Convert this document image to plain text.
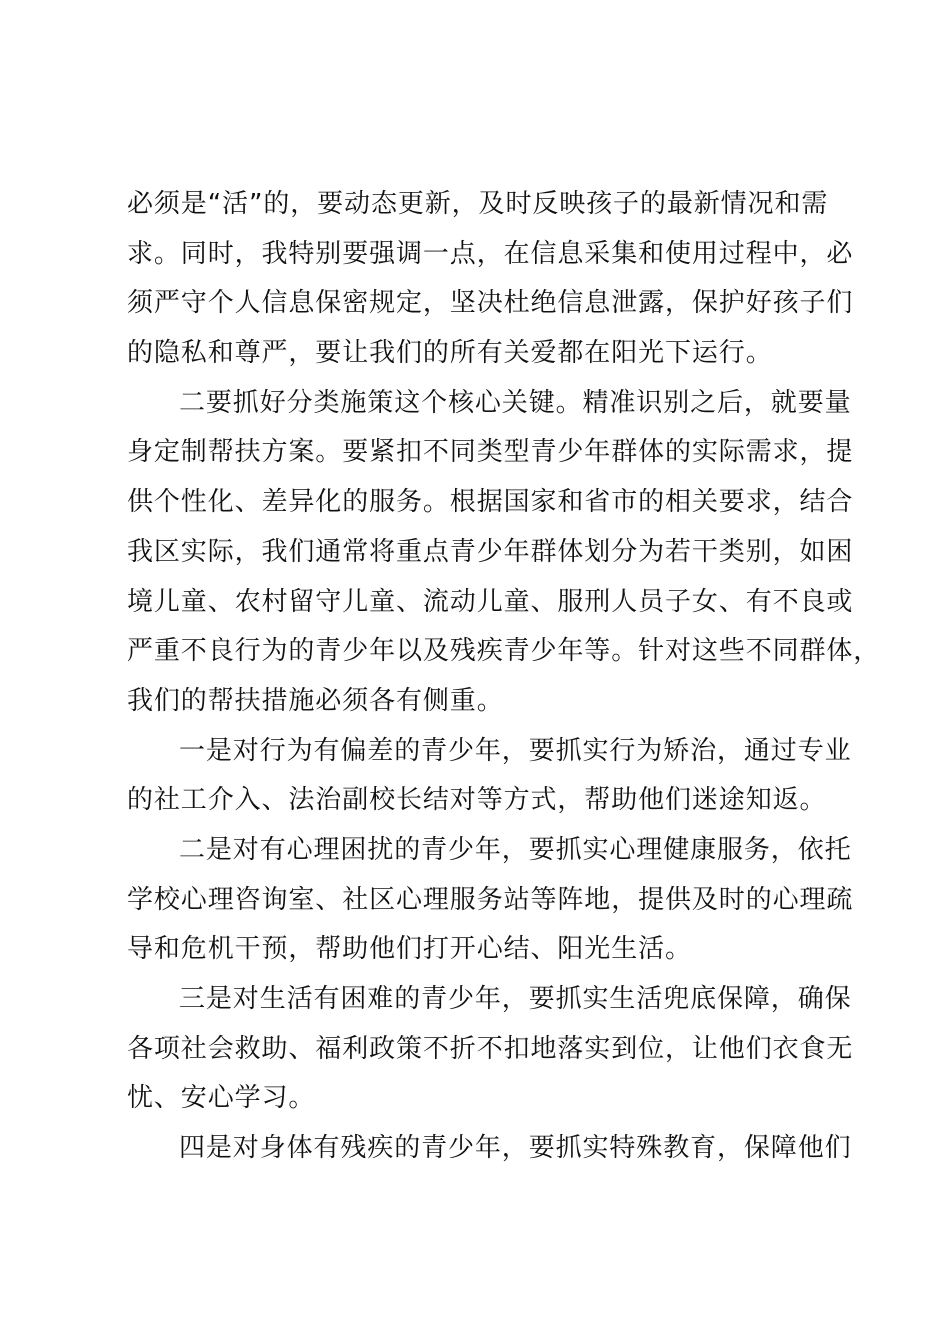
必须是“活”的，要动态更新，及时反映孩子的最新情况和需
求。同时，我特别要强调一点，在信息采集和使用过程中，必
须严守个人信息保密规定，坚决杜绝信息泄露，保护好孩子们
的隐私和尊严，要让我们的所有关爱都在阳光下运行。
二要抓好分类施策这个核心关键。精准识别之后，就要量
身定制帮扶方案。要紧扣不同类型青少年群体的实际需求，提
供个性化、差异化的服务。根据国家和省市的相关要求，结合
我区实际，我们通常将重点青少年群体划分为若干类别，如困
境儿童、农村留守儿童、流动儿童、服刑人员子女、有不良或
严重不良行为的青少年以及残疾青少年等。针对这些不同群体，
我们的帮扶措施必须各有侧重。
一是对行为有偏差的青少年，要抓实行为矫治，通过专业
的社工介入、法治副校长结对等方式，帮助他们迷途知返。
二是对有心理困扰的青少年，要抓实心理健康服务，依托
学校心理咨询室、社区心理服务站等阵地，提供及时的心理疏
导和危机干预，帮助他们打开心结、阳光生活。
三是对生活有困难的青少年，要抓实生活兜底保障，确保
各项社会救助、福利政策不折不扣地落实到位，让他们衣食无
忧、安心学习。
四是对身体有残疾的青少年，要抓实特殊教育，保障他们
